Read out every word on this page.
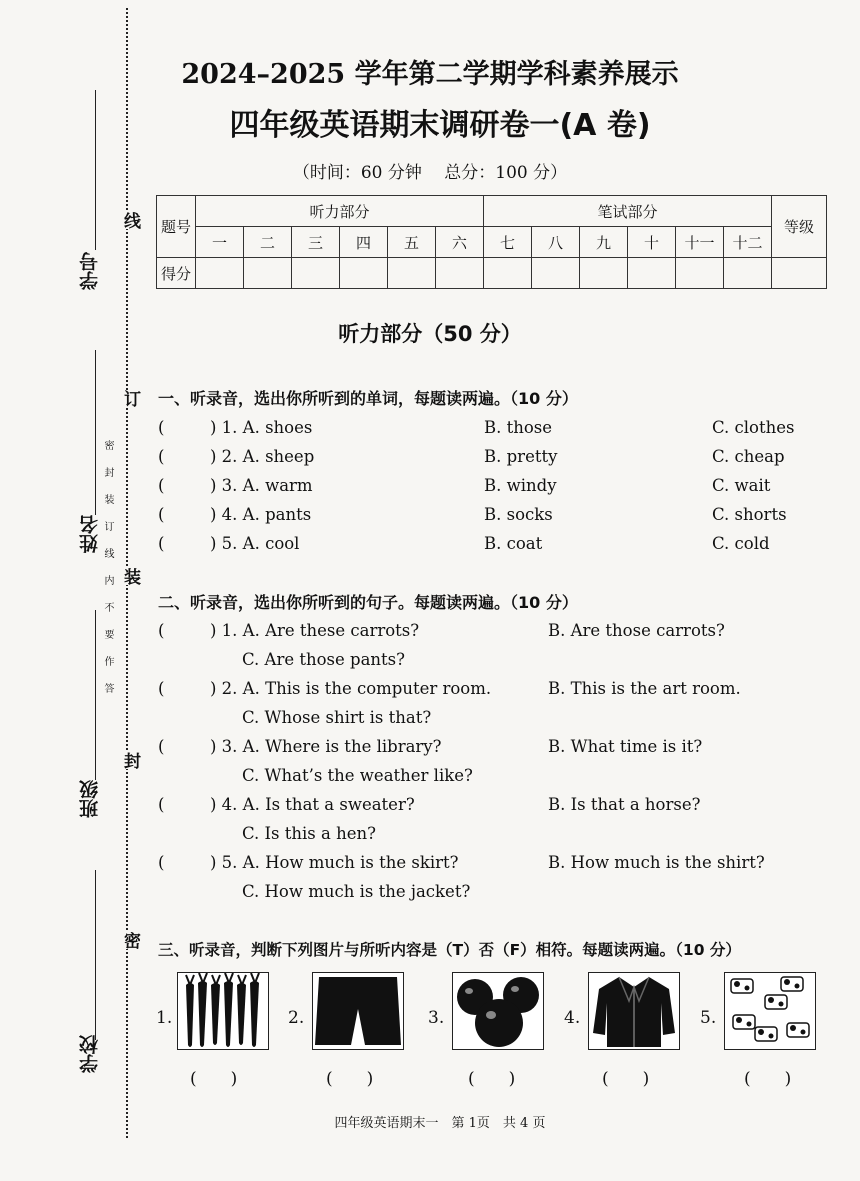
学号
姓名
班级
学校
线
订
装
封
密
密封装订线内不要作答
2024–2025 学年第二学期学科素养展示
四年级英语期末调研卷一(A 卷)
（时间：60 分钟　 总分：100 分）
题号	听力部分						笔试部分						等级
	一	二	三	四	五	六	七	八	九	十	十一	十二	
得分													
听力部分（50 分）
一、听录音，选出你所听到的单词，每题读两遍。（10 分）
(	) 1. A. shoes	B. those	C. clothes
(	) 2. A. sheep	B. pretty	C. cheap
(	) 3. A. warm	B. windy	C. wait
(	) 4. A. pants	B. socks	C. shorts
(	) 5. A. cool	B. coat	C. cold
二、听录音，选出你所听到的句子。每题读两遍。（10 分）
(	) 1. A. Are these carrots?	B. Are those carrots?
C. Are those pants?
(	) 2. A. This is the computer room.	B. This is the art room.
C. Whose shirt is that?
(	) 3. A. Where is the library?	B. What time is it?
C. What’s the weather like?
(	) 4. A. Is that a sweater?	B. Is that a horse?
C. Is this a hen?
(	) 5. A. How much is the skirt?	B. How much is the shirt?
C. How much is the jacket?
三、听录音，判断下列图片与所听内容是（T）否（F）相符。每题读两遍。（10 分）
1.
(　　)
2.
(　　)
3.
(　　)
4.
(　　)
5.
(　　)
四年级英语期末一　第 1页　共 4 页
